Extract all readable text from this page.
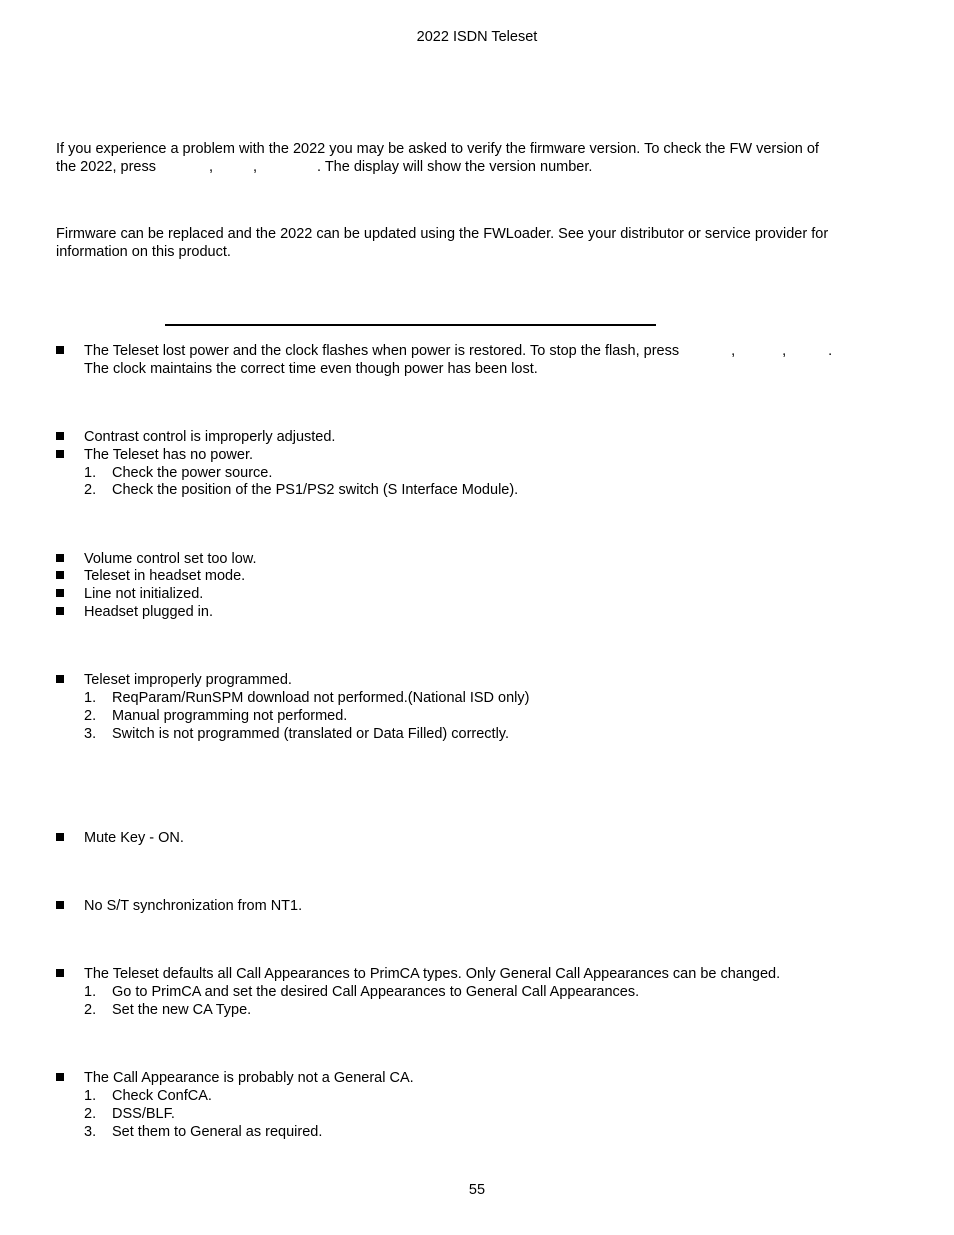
2022 ISDN Teleset
If you experience a problem with the 2022 you may be asked to verify the firmware version. To check the FW version of
the 2022, press	,	,	. The display will show the version number.
Firmware can be replaced and the 2022 can be updated using the FWLoader. See your distributor or service provider for
information on this product.
The Teleset lost power and the clock flashes when power is restored. To stop the flash, press	,	,	.
The clock maintains the correct time even though power has been lost.
Contrast control is improperly adjusted.
The Teleset has no power.
1. Check the power source.
2. Check the position of the PS1/PS2 switch (S Interface Module).
Volume control set too low.
Teleset in headset mode.
Line not initialized.
Headset plugged in.
Teleset improperly programmed.
1. ReqParam/RunSPM download not performed.(National ISD only)
2. Manual programming not performed.
3. Switch is not programmed (translated or Data Filled) correctly.
Mute Key - ON.
No S/T synchronization from NT1.
The Teleset defaults all Call Appearances to PrimCA types. Only General Call Appearances can be changed.
1. Go to PrimCA and set the desired Call Appearances to General Call Appearances.
2. Set the new CA Type.
The Call Appearance is probably not a General CA.
1. Check ConfCA.
2. DSS/BLF.
3. Set them to General as required.
55
